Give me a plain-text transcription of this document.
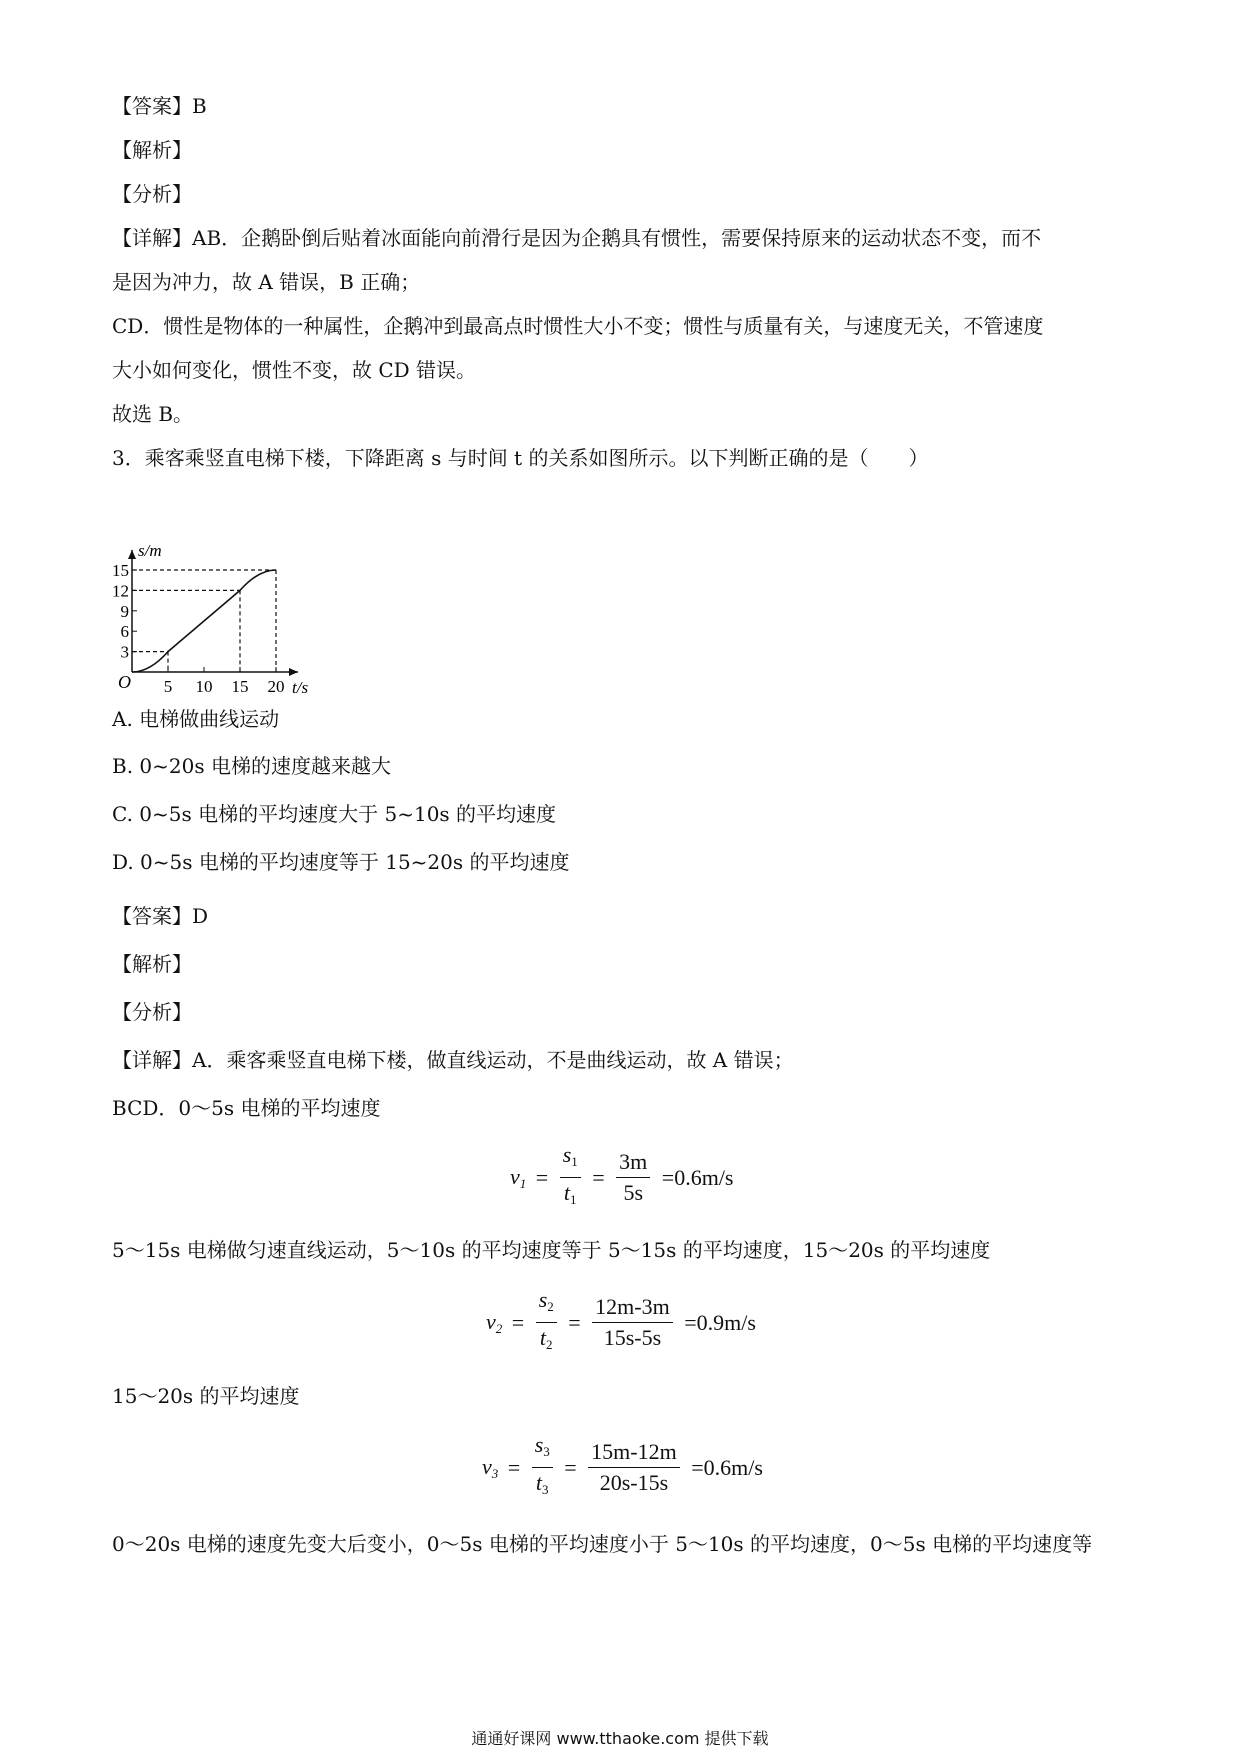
【答案】B
【解析】
【分析】
【详解】AB．企鹅卧倒后贴着冰面能向前滑行是因为企鹅具有惯性，需要保持原来的运动状态不变，而不
是因为冲力，故 A 错误，B 正确；
CD．惯性是物体的一种属性，企鹅冲到最高点时惯性大小不变；惯性与质量有关，与速度无关，不管速度
大小如何变化，惯性不变，故 CD 错误。
故选 B。
3．乘客乘竖直电梯下楼，下降距离 s 与时间 t 的关系如图所示。以下判断正确的是（　　）
s/m
t/s
O 5 10 15 20
3
6
9
12
15
A. 电梯做曲线运动
B. 0~20s 电梯的速度越来越大
C. 0~5s 电梯的平均速度大于 5~10s 的平均速度
D. 0~5s 电梯的平均速度等于 15~20s 的平均速度
【答案】D
【解析】
【分析】
【详解】A．乘客乘竖直电梯下楼，做直线运动，不是曲线运动，故 A 错误；
BCD．0～5s 电梯的平均速度
$v_1 = \frac{s_1}{t_1} = \frac{3m}{5s} =0.6m/s$
5～15s 电梯做匀速直线运动，5～10s 的平均速度等于 5～15s 的平均速度，15～20s 的平均速度
$v_2 = \frac{s_2}{t_2} = \frac{12m-3m}{15s-5s} =0.9m/s$
15～20s 的平均速度
$v_3 = \frac{s_3}{t_3} = \frac{15m-12m}{20s-15s} =0.6m/s$
0～20s 电梯的速度先变大后变小，0～5s 电梯的平均速度小于 5～10s 的平均速度，0～5s 电梯的平均速度等
通通好课网 www.tthaoke.com 提供下载
